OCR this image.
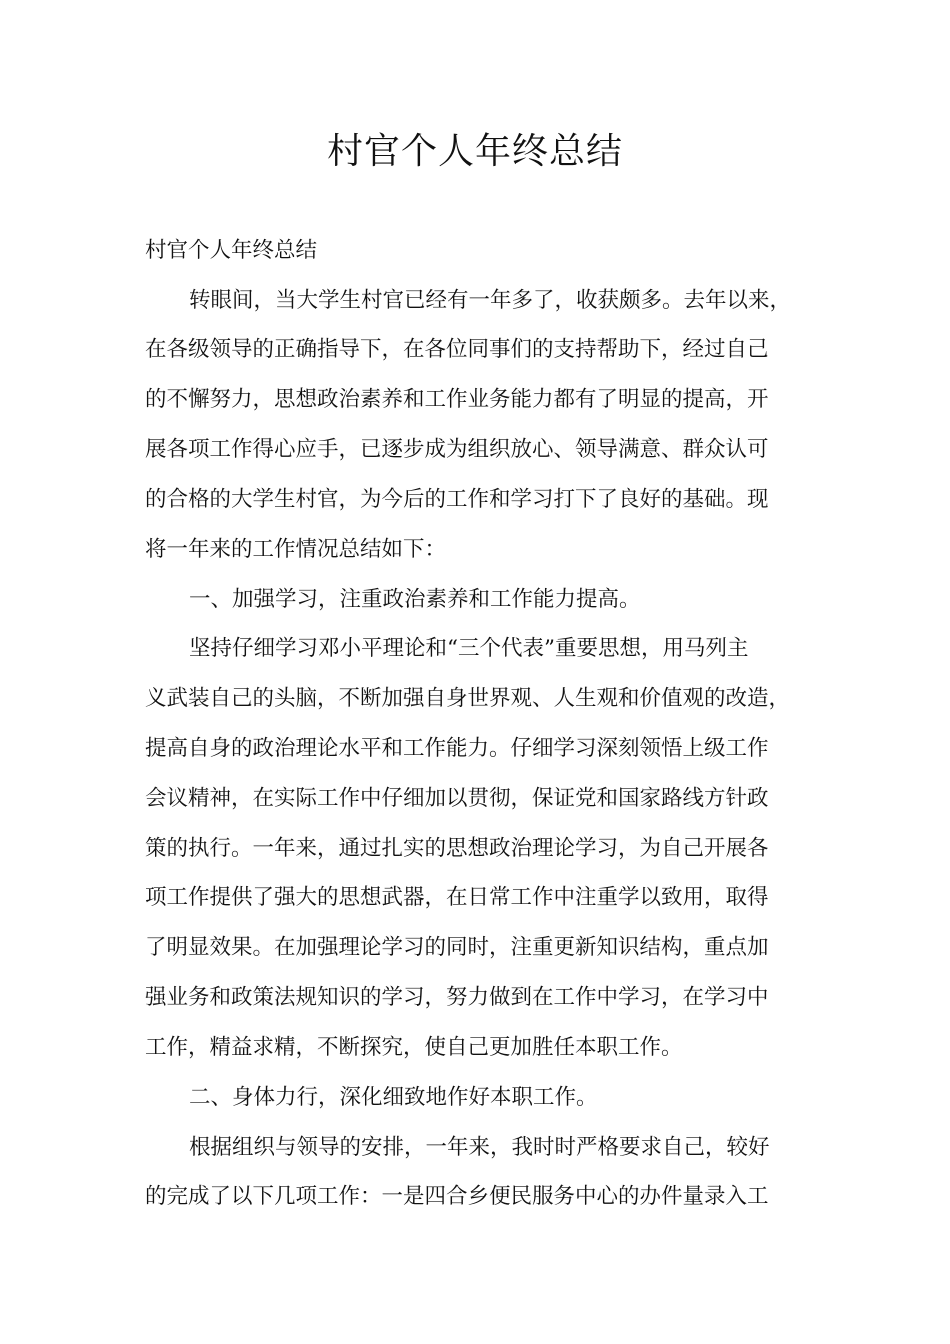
村官个人年终总结

村官个人年终总结

转眼间，当大学生村官已经有一年多了，收获颇多。去年以来，

在各级领导的正确指导下，在各位同事们的支持帮助下，经过自己

的不懈努力，思想政治素养和工作业务能力都有了明显的提高，开

展各项工作得心应手，已逐步成为组织放心、领导满意、群众认可

的合格的大学生村官，为今后的工作和学习打下了良好的基础。现

将一年来的工作情况总结如下：

一、加强学习，注重政治素养和工作能力提高。

坚持仔细学习邓小平理论和“三个代表”重要思想，用马列主

义武装自己的头脑，不断加强自身世界观、人生观和价值观的改造，

提高自身的政治理论水平和工作能力。仔细学习深刻领悟上级工作

会议精神，在实际工作中仔细加以贯彻，保证党和国家路线方针政

策的执行。一年来，通过扎实的思想政治理论学习，为自己开展各

项工作提供了强大的思想武器，在日常工作中注重学以致用，取得

了明显效果。在加强理论学习的同时，注重更新知识结构，重点加

强业务和政策法规知识的学习，努力做到在工作中学习，在学习中

工作，精益求精，不断探究，使自己更加胜任本职工作。

二、身体力行，深化细致地作好本职工作。

根据组织与领导的安排，一年来，我时时严格要求自己，较好

的完成了以下几项工作：一是四合乡便民服务中心的办件量录入工
